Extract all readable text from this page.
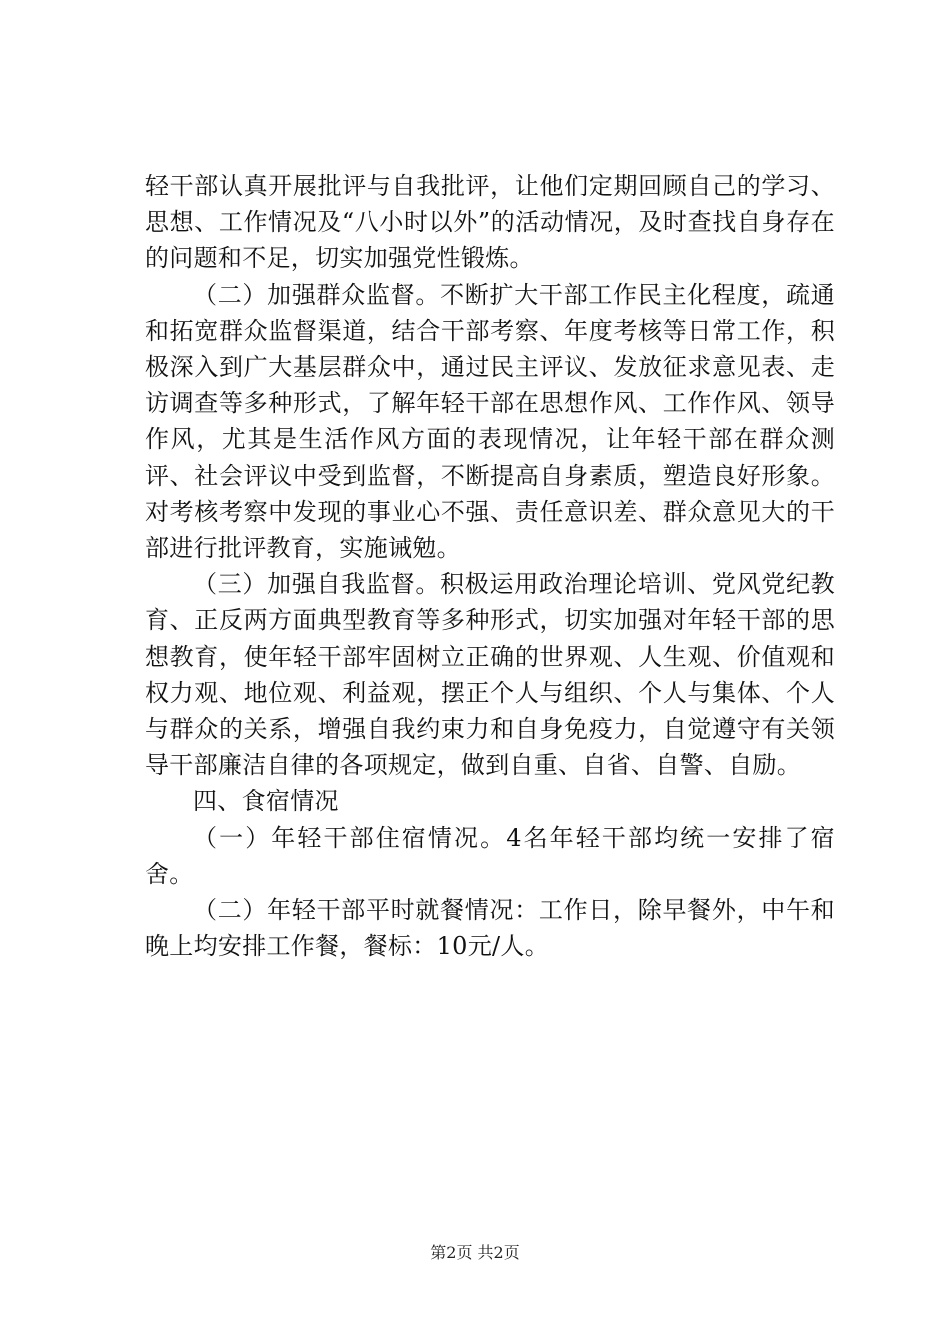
轻干部认真开展批评与自我批评，让他们定期回顾自己的学习、思想、工作情况及“八小时以外”的活动情况，及时查找自身存在的问题和不足，切实加强党性锻炼。

（二）加强群众监督。不断扩大干部工作民主化程度，疏通和拓宽群众监督渠道，结合干部考察、年度考核等日常工作，积极深入到广大基层群众中，通过民主评议、发放征求意见表、走访调查等多种形式，了解年轻干部在思想作风、工作作风、领导作风，尤其是生活作风方面的表现情况，让年轻干部在群众测评、社会评议中受到监督，不断提高自身素质，塑造良好形象。对考核考察中发现的事业心不强、责任意识差、群众意见大的干部进行批评教育，实施诫勉。

（三）加强自我监督。积极运用政治理论培训、党风党纪教育、正反两方面典型教育等多种形式，切实加强对年轻干部的思想教育，使年轻干部牢固树立正确的世界观、人生观、价值观和权力观、地位观、利益观，摆正个人与组织、个人与集体、个人与群众的关系，增强自我约束力和自身免疫力，自觉遵守有关领导干部廉洁自律的各项规定，做到自重、自省、自警、自励。

四、食宿情况

（一）年轻干部住宿情况。4名年轻干部均统一安排了宿舍。

（二）年轻干部平时就餐情况：工作日，除早餐外，中午和晚上均安排工作餐，餐标：10元/人。

第2页 共2页
